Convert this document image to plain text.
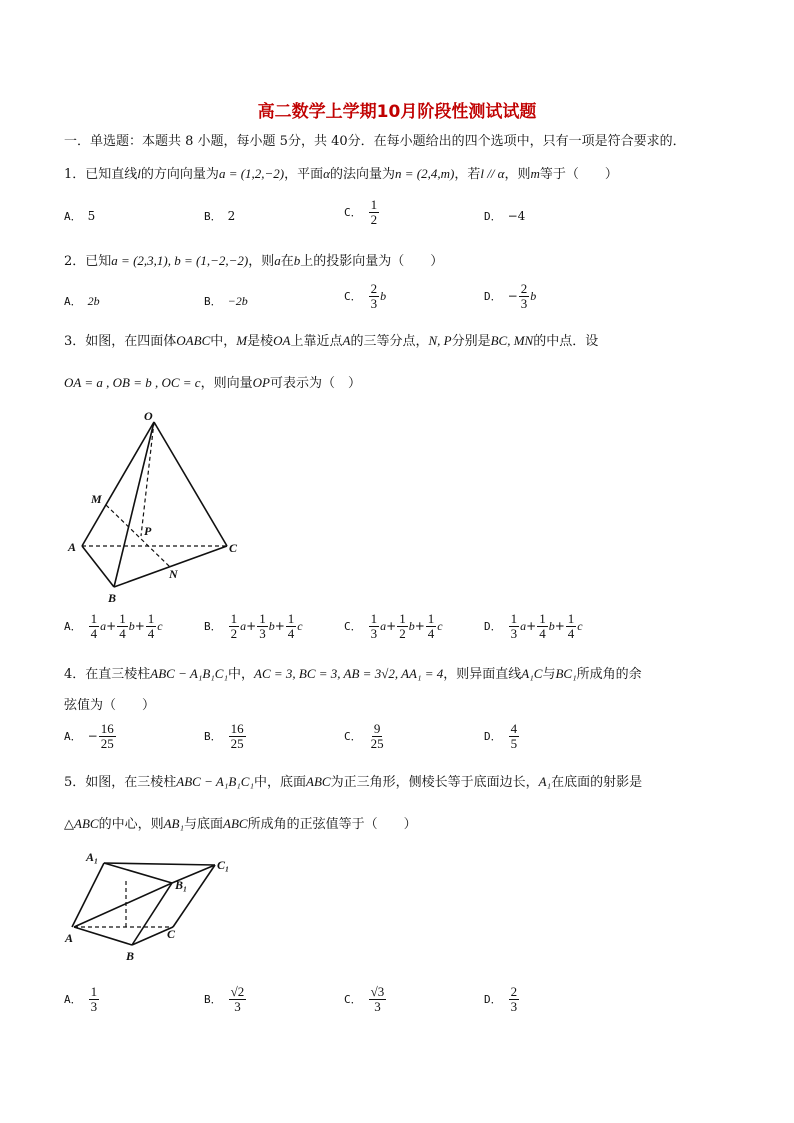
高二数学上学期10月阶段性测试试题
一．单选题：本题共 8 小题，每小题 5分，共 40分．在每小题给出的四个选项中，只有一项是符合要求的．
1．已知直线l的方向向量为a = (1,2,−2)，平面α的法向量为n = (2,4,m)，若l // α，则m等于（　　）
A． 5	B． 2	C． $\frac{1}{2}$	D． −4
2．已知a = (2,3,1), b = (1,−2,−2)，则a在b上的投影向量为（　　）
A． 2b	B． −2b	C． $\frac{2}{3}$ b	D． − $\frac{2}{3}$ b
3．如图，在四面体OABC中，M是棱OA上靠近点A的三等分点，N, P分别是BC, MN的中点．设
OA = a , OB = b , OC = c，则向量OP可表示为（　）
O
M
P
A	C
N
B
A． $\frac{1}{4} a+ \frac{1}{4} b+ \frac{1}{4}$ c	B． $\frac{1}{2} a+ \frac{1}{3} b+ \frac{1}{4}$ c	C． $\frac{1}{3} a+ \frac{1}{2} b+ \frac{1}{4}$ c	D． $\frac{1}{3} a+ \frac{1}{4} b+ \frac{1}{4}$ c
4．在直三棱柱ABC − A₁B₁C₁中，AC = 3, BC = 3, AB = 3√2, AA₁ = 4，则异面直线A₁C与BC₁所成角的余
弦值为（　　）
A． − $\frac{16}{25}$	B． $\frac{16}{25}$	C． $\frac{9}{25}$	D． $\frac{4}{5}$
5．如图，在三棱柱ABC − A₁B₁C₁中，底面ABC为正三角形，侧棱长等于底面边长，A₁在底面的射影是
△ABC的中心，则AB₁与底面ABC所成角的正弦值等于（　　）
A₁
C₁
B₁
A	C
B
A． $\frac{1}{3}$	B． $\frac{√2}{3}$	C． $\frac{√3}{3}$	D． $\frac{2}{3}$
